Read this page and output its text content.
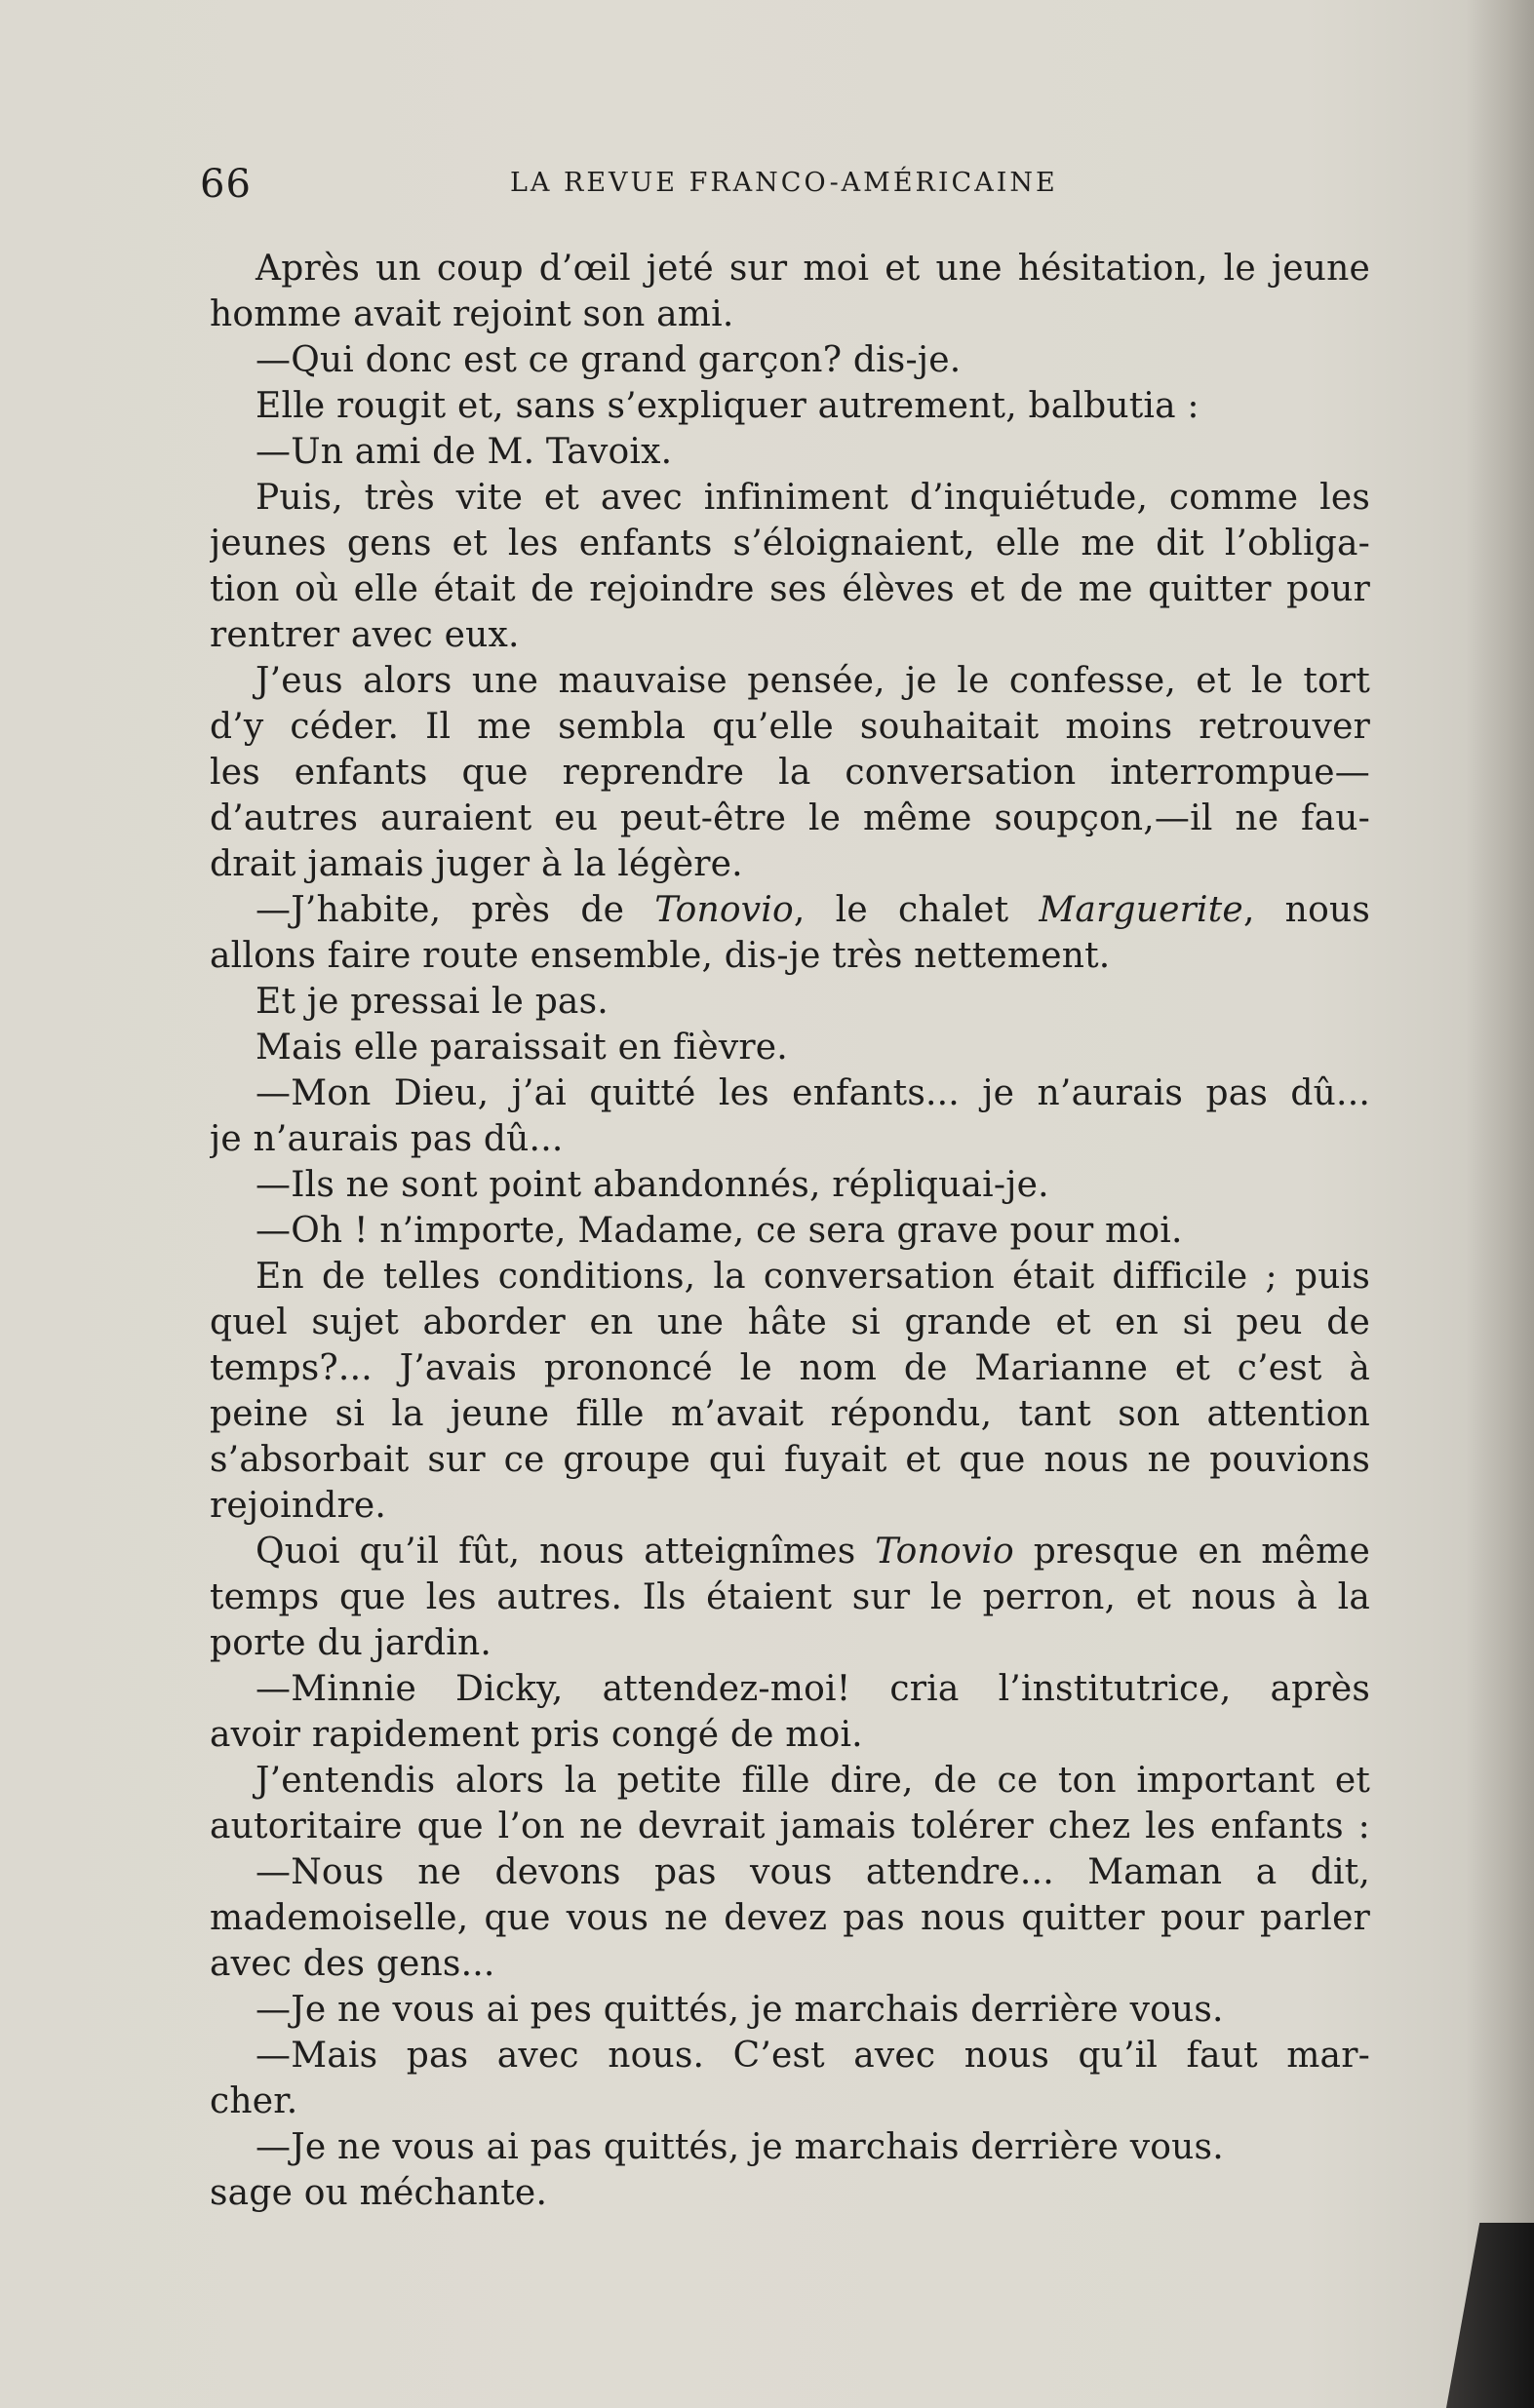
66	LA REVUE FRANCO-AMÉRICAINE
Après un coup d’œil jeté sur moi et une hésitation, le jeune
homme avait rejoint son ami.
—Qui donc est ce grand garçon? dis-je.
Elle rougit et, sans s’expliquer autrement, balbutia :
—Un ami de M. Tavoix.
Puis, très vite et avec infiniment d’inquiétude, comme les
jeunes gens et les enfants s’éloignaient, elle me dit l’obliga-
tion où elle était de rejoindre ses élèves et de me quitter pour
rentrer avec eux.
J’eus alors une mauvaise pensée, je le confesse, et le tort
d’y céder. Il me sembla qu’elle souhaitait moins retrouver
les enfants que reprendre la conversation interrompue—
d’autres auraient eu peut-être le même soupçon,—il ne fau-
drait jamais juger à la légère.
—J’habite, près de Tonovio, le chalet Marguerite, nous
allons faire route ensemble, dis-je très nettement.
Et je pressai le pas.
Mais elle paraissait en fièvre.
—Mon Dieu, j’ai quitté les enfants... je n’aurais pas dû...
je n’aurais pas dû...
—Ils ne sont point abandonnés, répliquai-je.
—Oh ! n’importe, Madame, ce sera grave pour moi.
En de telles conditions, la conversation était difficile ; puis
quel sujet aborder en une hâte si grande et en si peu de
temps?... J’avais prononcé le nom de Marianne et c’est à
peine si la jeune fille m’avait répondu, tant son attention
s’absorbait sur ce groupe qui fuyait et que nous ne pouvions
rejoindre.
Quoi qu’il fût, nous atteignîmes Tonovio presque en même
temps que les autres. Ils étaient sur le perron, et nous à la
porte du jardin.
—Minnie Dicky, attendez-moi! cria l’institutrice, après
avoir rapidement pris congé de moi.
J’entendis alors la petite fille dire, de ce ton important et
autoritaire que l’on ne devrait jamais tolérer chez les enfants :
—Nous ne devons pas vous attendre... Maman a dit,
mademoiselle, que vous ne devez pas nous quitter pour parler
avec des gens...
—Je ne vous ai pes quittés, je marchais derrière vous.
—Mais pas avec nous. C’est avec nous qu’il faut mar-
cher.
—Je ne vous ai pas quittés, je marchais derrière vous.
sage ou méchante.
